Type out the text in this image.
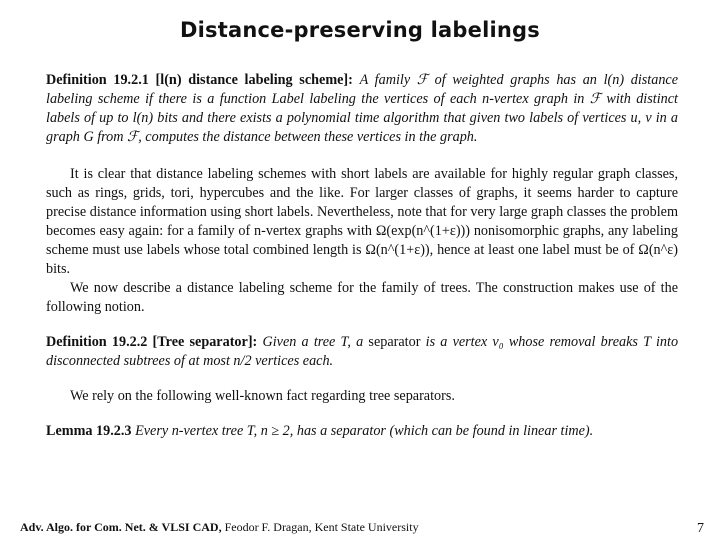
Distance-preserving labelings

Definition 19.2.1 [l(n) distance labeling scheme]: A family ℱ of weighted graphs has an l(n) distance labeling scheme if there is a function Label labeling the vertices of each n-vertex graph in ℱ with distinct labels of up to l(n) bits and there exists a polynomial time algorithm that given two labels of vertices u, v in a graph G from ℱ, computes the distance between these vertices in the graph.

It is clear that distance labeling schemes with short labels are available for highly regular graph classes, such as rings, grids, tori, hypercubes and the like. For larger classes of graphs, it seems harder to capture precise distance information using short labels. Nevertheless, note that for very large graph classes the problem becomes easy again: for a family of n-vertex graphs with Ω(exp(n^(1+ε))) nonisomorphic graphs, any labeling scheme must use labels whose total combined length is Ω(n^(1+ε)), hence at least one label must be of Ω(n^ε) bits.

We now describe a distance labeling scheme for the family of trees. The construction makes use of the following notion.

Definition 19.2.2 [Tree separator]: Given a tree T, a separator is a vertex v₀ whose removal breaks T into disconnected subtrees of at most n/2 vertices each.

We rely on the following well-known fact regarding tree separators.

Lemma 19.2.3 Every n-vertex tree T, n ≥ 2, has a separator (which can be found in linear time).

Adv. Algo. for Com. Net. & VLSI CAD, Feodor F. Dragan, Kent State University	7
